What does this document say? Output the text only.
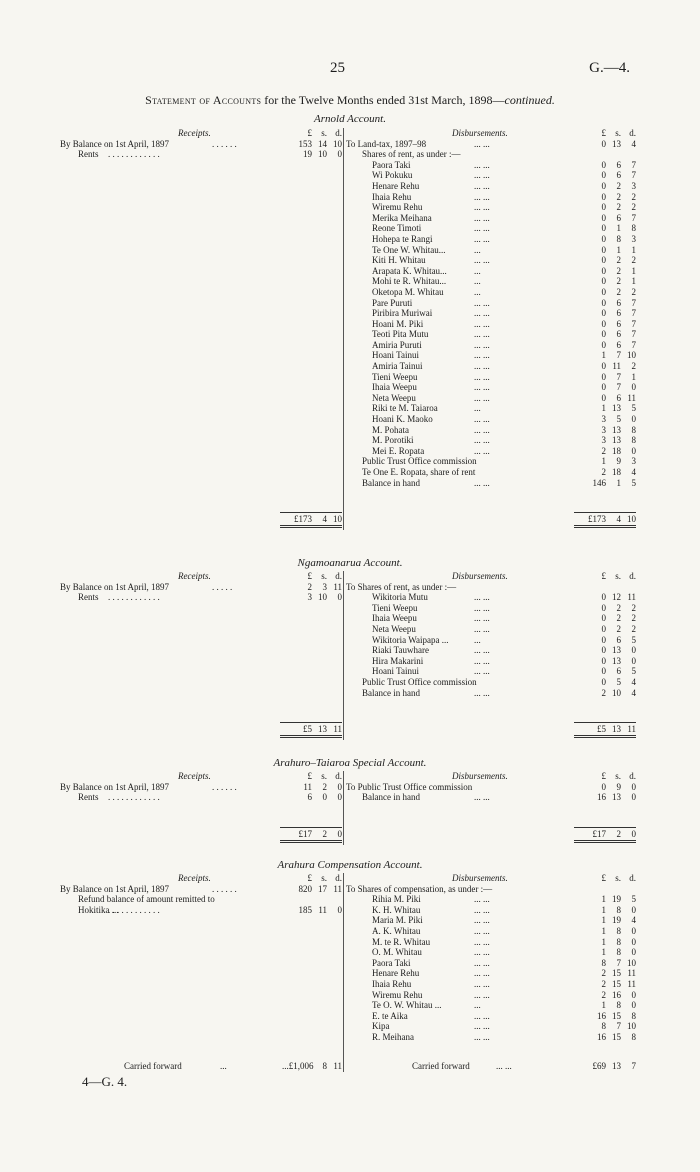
25	G.—4.
Statement of Accounts for the Twelve Months ended 31st March, 1898—continued.
Arnold Account.
Receipts.	£	s. d.
By Balance on 1st April, 1897	. . . . . .	153 14 10
Rents . . . . . . . . . . . .	19 10	0
Disbursements.	£	s. d.
To Land-tax, 1897–98	... ...	0 13	4
Shares of rent, as under :—
Paora Taki	... ...	0	6	7
Wi Pokuku	... ...	0	6	7
Henare Rehu	... ...	0	2	3
Ihaia Rehu	... ...	0	2	2
Wiremu Rehu	... ...	0	2	2
Merika Meihana	... ...	0	6	7
Reone Timoti	... ...	0	1	8
Hohepa te Rangi	... ...	0	8	3
Te One W. Whitau...	...	0	1	1
Kiti H. Whitau	... ...	0	2	2
Arapata K. Whitau...	...	0	2	1
Mohi te R. Whitau...	...	0	2	1
Oketopa M. Whitau	...	0	2	2
Pare Puruti	... ...	0	6	7
Piribira Muriwai	... ...	0	6	7
Hoani M. Piki	... ...	0	6	7
Teoti Pita Mutu	... ...	0	6	7
Amiria Puruti	... ...	0	6	7
Hoani Tainui	... ...	1	7 10
Amiria Tainui	... ...	0 11	2
Tieni Weepu	... ...	0	7	1
Ihaia Weepu	... ...	0	7	0
Neta Weepu	... ...	0	6 11
Riki te M. Taiaroa	...	1 13	5
Hoani K. Maoko	... ...	3	5	0
M. Pohata	... ...	3 13	8
M. Porotiki	... ...	3 13	8
Mei E. Ropata	... ...	2 18	0
Public Trust Office commission	1	9	3
Te One E. Ropata, share of rent	2 18	4
Balance in hand	... ...	146	1	5
£173	4 10	£173	4 10
Ngamoanarua Account.
Receipts.	£	s. d.
By Balance on 1st April, 1897	. . . . .	2	3 11
Rents . . . . . . . . . . . .	3 10	0
Disbursements.	£	s. d.
To Shares of rent, as under :—
Wikitoria Mutu	... ...	0 12 11
Tieni Weepu	... ...	0	2	2
Ihaia Weepu	... ...	0	2	2
Neta Weepu	... ...	0	2	2
Wikitoria Waipapa ...	...	0	6	5
Riaki Tauwhare	... ...	0 13	0
Hira Makarini	... ...	0 13	0
Hoani Tainui	... ...	0	6	5
Public Trust Office commission	0	5	4
Balance in hand	... ...	2 10	4
£5 13 11	£5 13 11
Arahuro–Taiaroa Special Account.
Receipts.	£	s. d.
By Balance on 1st April, 1897	. . . . . .	11	2	0
Rents . . . . . . . . . . . .	6	0	0
Disbursements.	£	s. d.
To Public Trust Office commission	0	9	0
Balance in hand	... ...	16 13	0
£17	2	0	£17	2	0
Arahura Compensation Account.
Receipts.	£	s. d.
By Balance on 1st April, 1897	. . . . . .	820 17 11
Refund balance of amount remitted to
Hokitika ...
. . . . . . . . . . . .	185 11	0
Disbursements.	£	s. d.
To Shares of compensation, as under :—
Rihia M. Piki	... ...	1 19	5
K. H. Whitau	... ...	1	8	0
Maria M. Piki	... ...	1 19	4
A. K. Whitau	... ...	1	8	0
M. te R. Whitau	... ...	1	8	0
O. M. Whitau	... ...	1	8	0
Paora Taki	... ...	8	7 10
Henare Rehu	... ...	2 15 11
Ihaia Rehu	... ...	2 15 11
Wiremu Rehu	... ...	2 16	0
Te O. W. Whitau ...	...	1	8	0
E. te Aika	... ...	16 15	8
Kipa	... ...	8	7 10
R. Meihana	... ...	16 15	8
Carried forward	...	...£1,006	8 11	Carried forward	... ...	£69 13	7
4—G. 4.
